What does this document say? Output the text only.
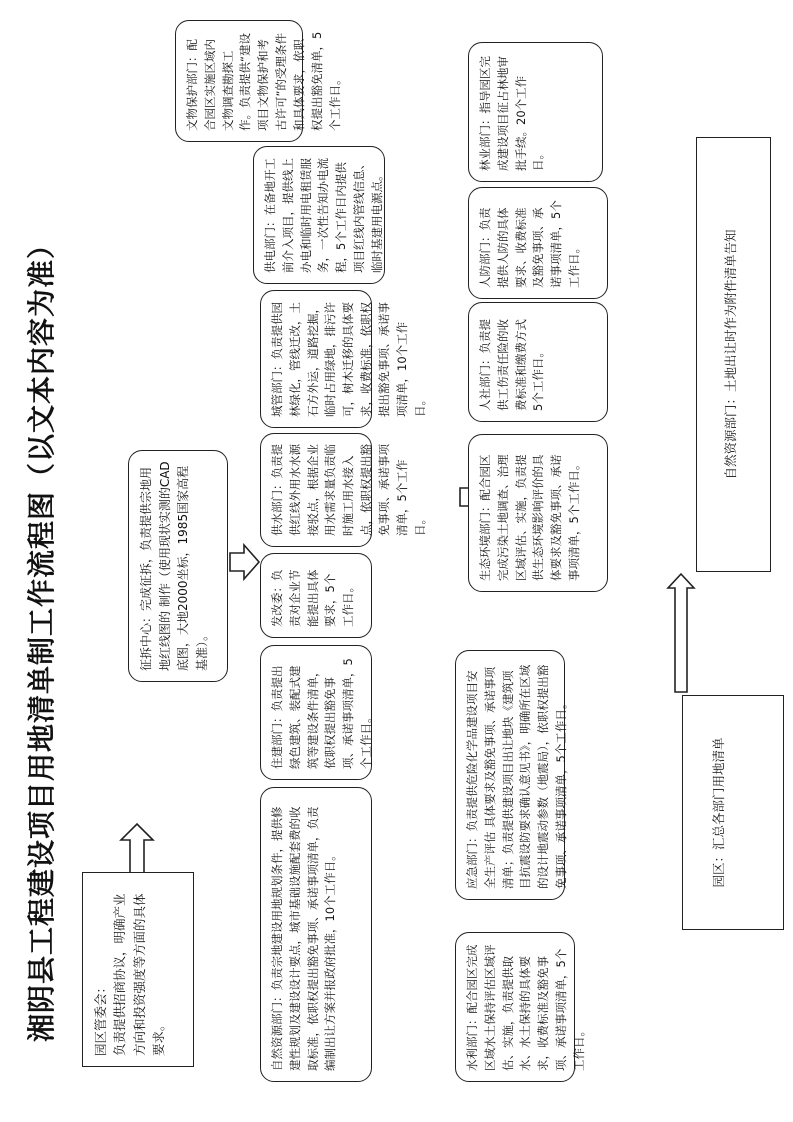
湘阴县工程建设项目用地清单制工作流程图（以文本内容为准）	园区管委会： 负责提供招商协议，明确产业方向和投资强度等方面的具体要求。
征拆中心：完成征拆，负责提供宗地用地红线图的 制作（使用现状实测的CAD底图，大地2000坐标，1985国家高程基准）。
自然资源部门：负责宗地建设用地规划条件，提供修建性规划及建设设计要点，城市基础设施配套费的收取标准，依职权提出豁免事项、承诺事项清单，负责编制出让方案并报政府批准，10个工作日。
住建部门：负责提出绿色建筑、装配式建筑等建设条件清单，依职权提出豁免事项、承诺事项清单，5个工作日。
发改委：负责对企业节能提出具体要求，5个工作日。
供水部门：负责提供红线外用水水源接驳点，根据企业用水需求量负责临时施工用水接入点，依职权提出豁免事项、承诺事项清单，5个工作日。
城管部门：负责提供园林绿化，管线迁改，土石方外运，道路挖掘，临时占用绿地，排污许可，树木迁移的具体要求，收费标准，依职权提出豁免事项、承诺事项清单，10个工作日。
供电部门：在备地开工前介入项目，提供线上办电和临时用电租赁服务，一次性告知办电流程，5个工作日内提供项目红线内管线信息、临时基建用电源点。
文物保护部门：配合园区实施区域内文物调查勘探工作。负责提供“建设项目文物保护和考古许可”的受理条件和具体要求，依职权提出豁免清单，5个工作日。
水利部门：配合园区完成区域水土保持评估区域评估、实施，负责提供取水、水土保持的具体要求，收费标准及豁免事项、承诺事项清单，5个工作日。
应急部门：负责提供危险化学品建设项目安全生产评估 具体要求及豁免事项、承诺事项清单；负责提供建设项目出让地块《建筑项目抗震设防要求确认意见书》，明确所在区域的设计地震动参数（地震局），依职权提出豁免事项、承诺事项清单，5个工作日。
生态环境部门：配合园区完成污染土地调查、治理区域评估、实施，负责提供生态环境影响评价的具体要求及豁免事项、承诺事项清单，5个工作日。
人社部门：负责提供工伤责任险的收费标准和缴费方式5个工作日。
人防部门：负责提供人防的具体要求、收费标准及豁免事项、承诺事项清单，5个工作日。
林业部门：指导园区完成建设项目征占林地审批手续。20个工作日。
园区：汇总各部门用地清单
自然资源部门：土地出让时作为附件清单告知
